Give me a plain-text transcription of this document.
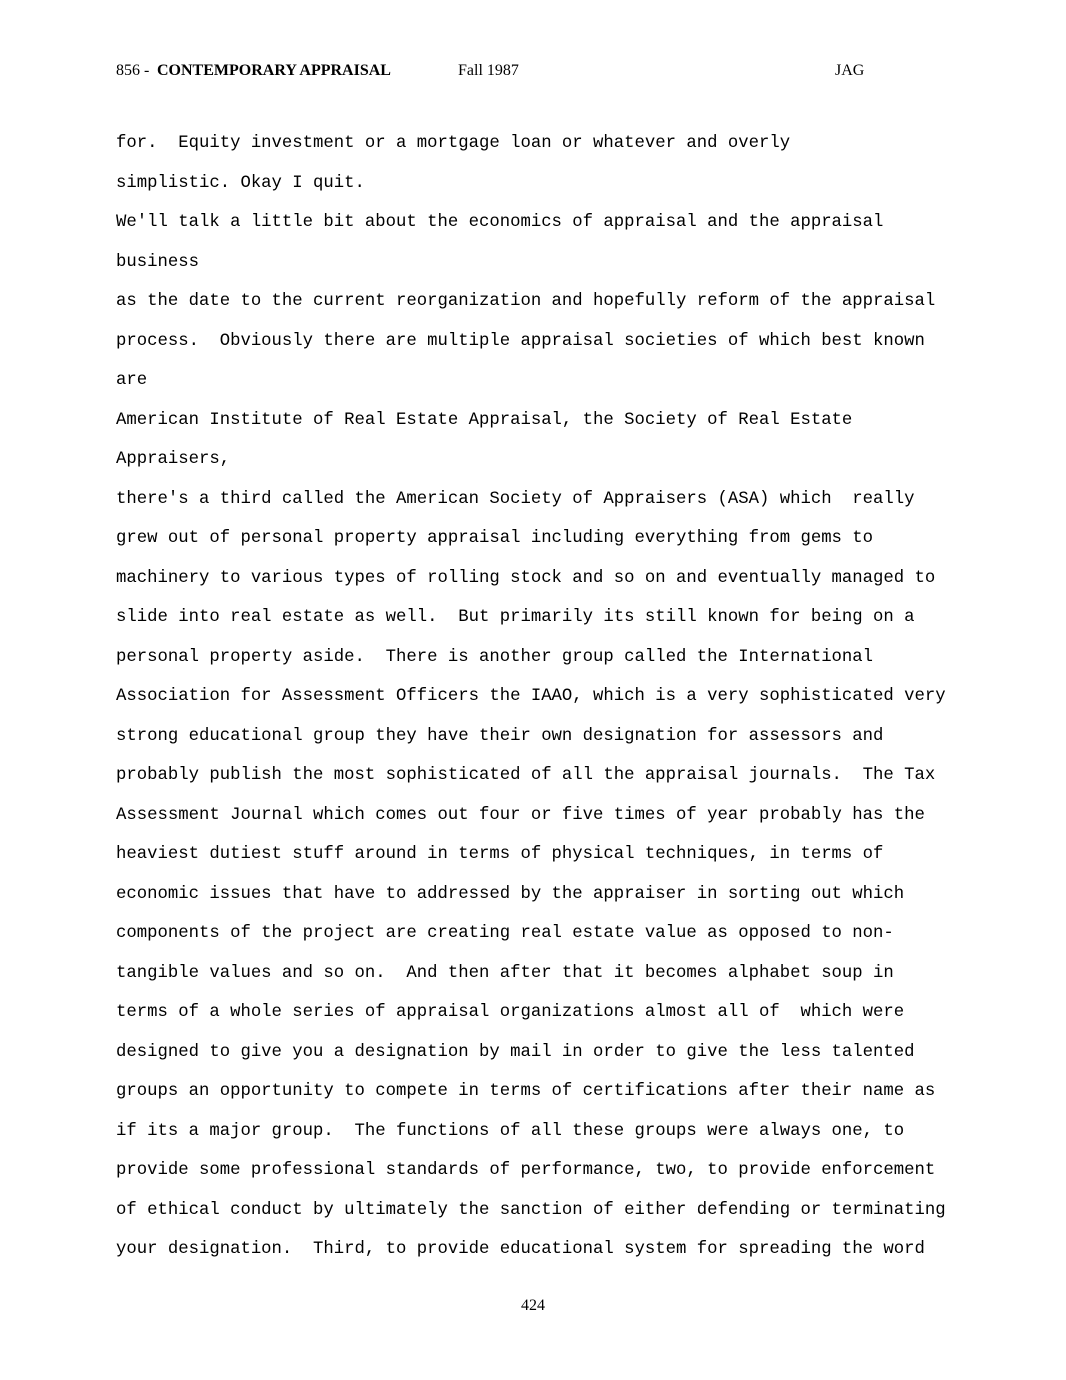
856 - CONTEMPORARY APPRAISAL	Fall 1987	JAG
for.  Equity investment or a mortgage loan or whatever and overly
simplistic. Okay I quit.
We'll talk a little bit about the economics of appraisal and the appraisal
business
as the date to the current reorganization and hopefully reform of the appraisal
process.  Obviously there are multiple appraisal societies of which best known
are
American Institute of Real Estate Appraisal, the Society of Real Estate
Appraisers,
there's a third called the American Society of Appraisers (ASA) which  really
grew out of personal property appraisal including everything from gems to
machinery to various types of rolling stock and so on and eventually managed to
slide into real estate as well.  But primarily its still known for being on a
personal property aside.  There is another group called the International
Association for Assessment Officers the IAAO, which is a very sophisticated very
strong educational group they have their own designation for assessors and
probably publish the most sophisticated of all the appraisal journals.  The Tax
Assessment Journal which comes out four or five times of year probably has the
heaviest dutiest stuff around in terms of physical techniques, in terms of
economic issues that have to addressed by the appraiser in sorting out which
components of the project are creating real estate value as opposed to non-
tangible values and so on.  And then after that it becomes alphabet soup in
terms of a whole series of appraisal organizations almost all of  which were
designed to give you a designation by mail in order to give the less talented
groups an opportunity to compete in terms of certifications after their name as
if its a major group.  The functions of all these groups were always one, to
provide some professional standards of performance, two, to provide enforcement
of ethical conduct by ultimately the sanction of either defending or terminating
your designation.  Third, to provide educational system for spreading the word
424
